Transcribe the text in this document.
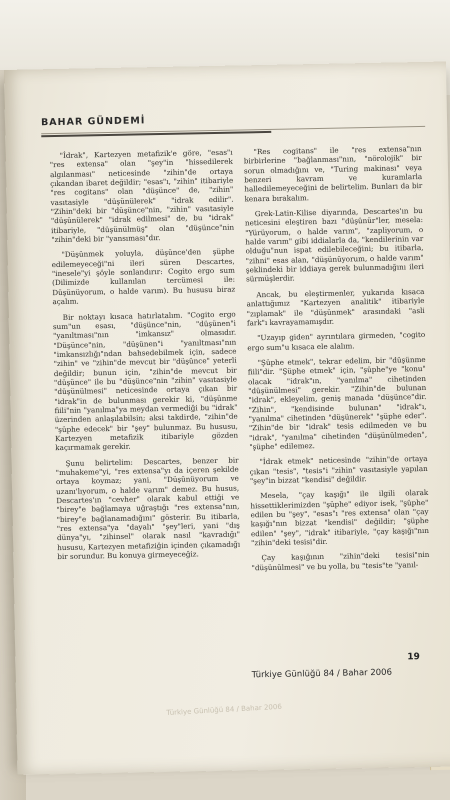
BAHAR GÜNDEMİ

"İdrak", Kartezyen metafizik'e göre, "esas"ı "res extensa" olan "şey"in "hissedilerek algılanması" neticesinde "zihin"de ortaya çıkandan ibaret değildir; "esas"ı, "zihin" itibariyle "res cogitans" olan "düşünce" de, "zihin" vasıtasiyle "düşünülerek" "idrak edilir". "Zihin"deki bir "düşünce"nin, "zihin" vasıtasiyle "düşünülerek" "idrak edilmesi" de, bu "idrak" itibariyle, "düşünülmüş" olan "düşünce"nin "zihin"deki bir "yansıması"dır.

"Düşünmek yoluyla, düşünce'den şüphe edilemeyeceği"ni ileri süren Descartes, "inesele"yi şöyle sonlandırır: Cogito ergo sum (Dilimizde kullanılan tercümesi ile: Düşünüyorum, o halde varım). Bu hususu biraz açalım.

Bir noktayı kısaca hatırlatalım. "Cogito ergo sum"un esası, "düşünce"nin, "düşünen"i "yanıltması"nın "imkansız" olmasıdır. "Düşünce"nin, "düşünen"i "yanıltması"nın "imkansızlığı"ndan bahsedebilmek için, sadece "zihin" ve "zihin"de mevcut bir "düşünce" yeterli değildir; bunun için, "zihin"de mevcut bir "düşünce" ile bu "düşünce"nin "zihin" vasıtasiyle "düşünülmesi" neticesinde ortaya çıkan bir "idrak"in de bulunması gerekir ki, "düşünme fiili"nin "yanılma"ya meydan vermediği bu "idrak" üzerinden anlaşılabilsin; aksi takdirde, "zihin"de "şüphe edecek" bir "şey" bulunmaz. Bu hususu, Kartezyen metafizik itibariyle gözden kaçırmamak gerekir.

Şunu belirtelim: Descartes, benzer bir "muhakeme"yi, "res extensa"yı da içeren şekilde ortaya koymaz; yani, "Düşünüyorum ve uzanı'lıyorum, o halde varım" demez. Bu husus, Descartes'ın "cevher" olarak kabul ettiği ve "birey"e bağlamaya uğraştığı "res extensa"nın, "birey"e bağlanamadığını" gösterir. Bu itibarla, "res extensa"ya "dayalı" "şey"leri, yani "dış dünya"yı, "zihinsel" olarak nasıl "kavradığı" hususu, Kartezyen metafiziğin içinden çıkamadığı bir sorundur. Bu konuya girmeyeceğiz.

"Res cogitans" ile "res extensa"nın birbirlerine "bağlanması"nın, "nörolojik" bir sorun olmadığını ve, "Turing makinası" veya benzeri kavram ve kuramlarla halledilemeyeceğini de belirtelim. Bunları da bir kenara bırakalım.

Grek-Latin-Kilise diyarında, Descartes'ın bu neticesini eleştiren bazı "düşünür"ler, mesela: "Yürüyorum, o halde varım", "zapliyorum, o halde varım" gibi iddialarla da, "kendilerinin var olduğu"nun ispat edilebileceğini; bu itibarla, "zihni" esas alan, "düşünüyorum, o halde varım" şeklindeki bir iddiaya gerek bulunmadığını ileri sürmüşlerdir.

Ancak, bu eleştirmenler, yukarıda kısaca anlattığımız "Kartezyen analitik" itibariyle "zıplamak" ile "düşünmek" arasındaki "asli fark"ı kavrayamamışdır.

"Uzayıp giden" ayrıntılara girmeden, "cogito ergo sum"u kısaca ele alalım.

"Şüphe etmek", tekrar edelim, bir "düşünme fiili"dir. "Şüphe etmek" için, "şüphe"ye "konu" olacak "idrak"ın, "yanılma" cihetinden "düşünülmesi" gerekir. "Zihin"de bulunan "idrak", ekleyelim, geniş manada "düşünce"dir. "Zihin", "kendisinde bulunan" "idrak"ı, "yanılma" cihetinden "düşünerek" "şüphe eder". "Zihin"de bir "idrak" tesis edilmeden ve bu "idrak", "yanılma" cihetinden "düşünülmeden", "şüphe" edilemez.

"İdrak etmek" neticesinde "zihin"de ortaya çıkan "tesis", "tesis"i "zihin" vasıtasiyle yapılan "şey"in bizzat "kendisi" değildir.

Mesela, "çay kaşığı" ile ilgili olarak hissettiklerimizden "şüphe" ediyor isek, "şüphe" edilen bu "şey", "esas"ı "res extensa" olan "çay kaşığı"nın bizzat "kendisi" değildir; "şüphe edilen" "şey", "idrak" itibariyle, "çay kaşığı"nın "zihin"deki tesisi"dir.

Çay kaşığının "zihin"deki tesisi"nin "düşünülmesi" ve bu yolla, bu "tesis"te "yanıl-

19
Türkiye Günlüğü 84 / Bahar 2006
Türkiye Günlüğü 84 / Bahar 2006
